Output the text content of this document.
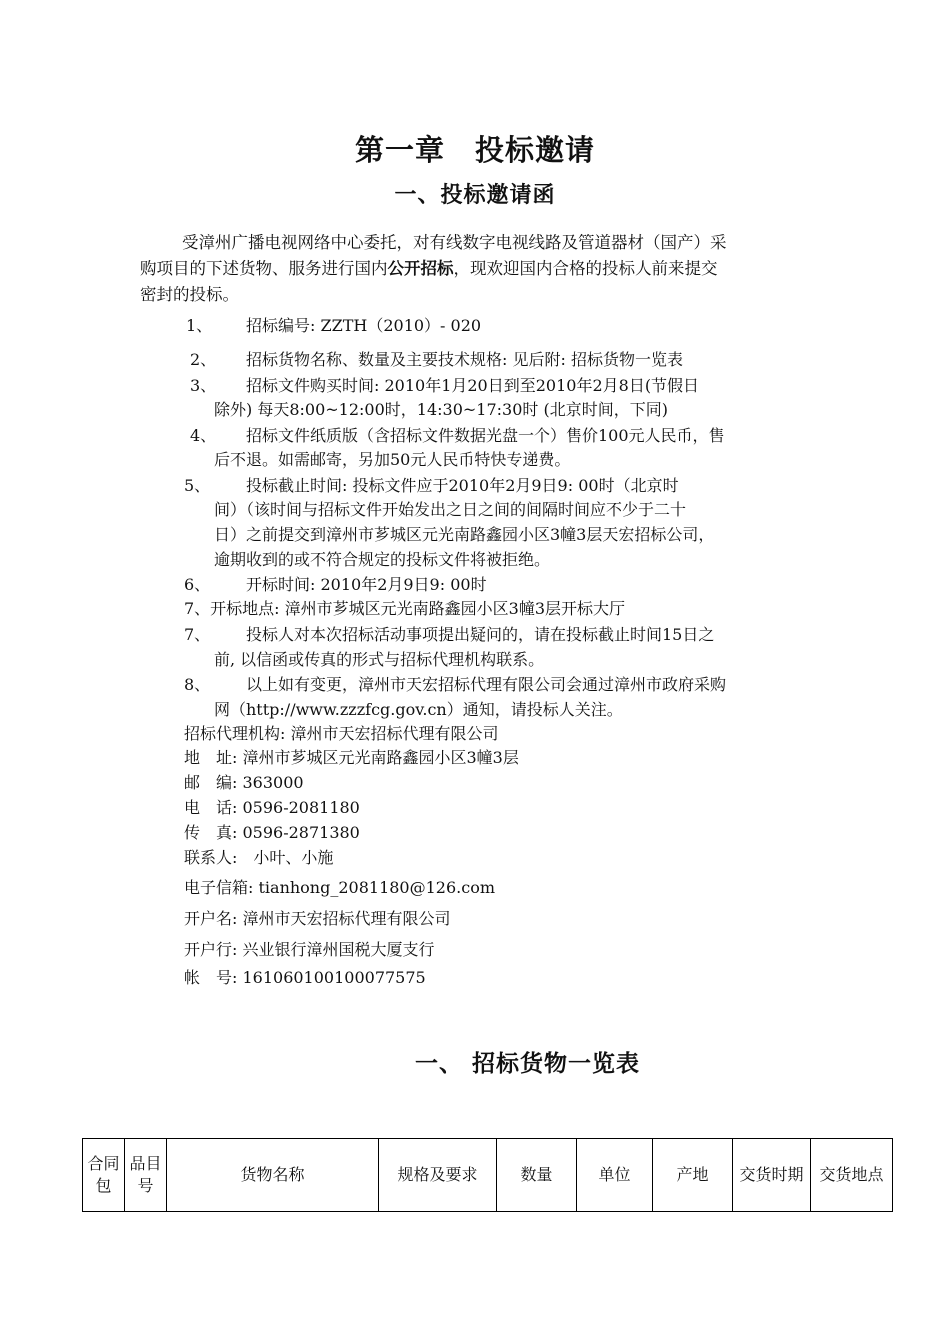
第一章　投标邀请
一、投标邀请函
受漳州广播电视网络中心委托，对有线数字电视线路及管道器材（国产）采
购项目的下述货物、服务进行国内公开招标，现欢迎国内合格的投标人前来提交
密封的投标。
1、 招标编号: ZZTH（2010）- 020
2、 招标货物名称、数量及主要技术规格: 见后附: 招标货物一览表
3、 招标文件购买时间: 2010年1月20日到至2010年2月8日(节假日
除外) 每天8:00~12:00时，14:30~17:30时 (北京时间，下同)
4、 招标文件纸质版（含招标文件数据光盘一个）售价100元人民币，售
后不退。如需邮寄，另加50元人民币特快专递费。
5、 投标截止时间: 投标文件应于2010年2月9日9: 00时（北京时
间）（该时间与招标文件开始发出之日之间的间隔时间应不少于二十
日）之前提交到漳州市芗城区元光南路鑫园小区3幢3层天宏招标公司，
逾期收到的或不符合规定的投标文件将被拒绝。
6、 开标时间: 2010年2月9日9: 00时
7、开标地点: 漳州市芗城区元光南路鑫园小区3幢3层开标大厅
7、 投标人对本次招标活动事项提出疑问的，请在投标截止时间15日之
前, 以信函或传真的形式与招标代理机构联系。
8、 以上如有变更，漳州市天宏招标代理有限公司会通过漳州市政府采购
网（http://www.zzzfcg.gov.cn）通知，请投标人关注。
招标代理机构: 漳州市天宏招标代理有限公司
地　址: 漳州市芗城区元光南路鑫园小区3幢3层
邮　编: 363000
电　话: 0596-2081180
传　真: 0596-2871380
联系人:　小叶、小施
电子信箱: tianhong_2081180@126.com
开户名: 漳州市天宏招标代理有限公司
开户行: 兴业银行漳州国税大厦支行
帐　号: 161060100100077575
一、 招标货物一览表
合同包	品目号	货物名称	规格及要求	数量	单位	产地	交货时期	交货地点
